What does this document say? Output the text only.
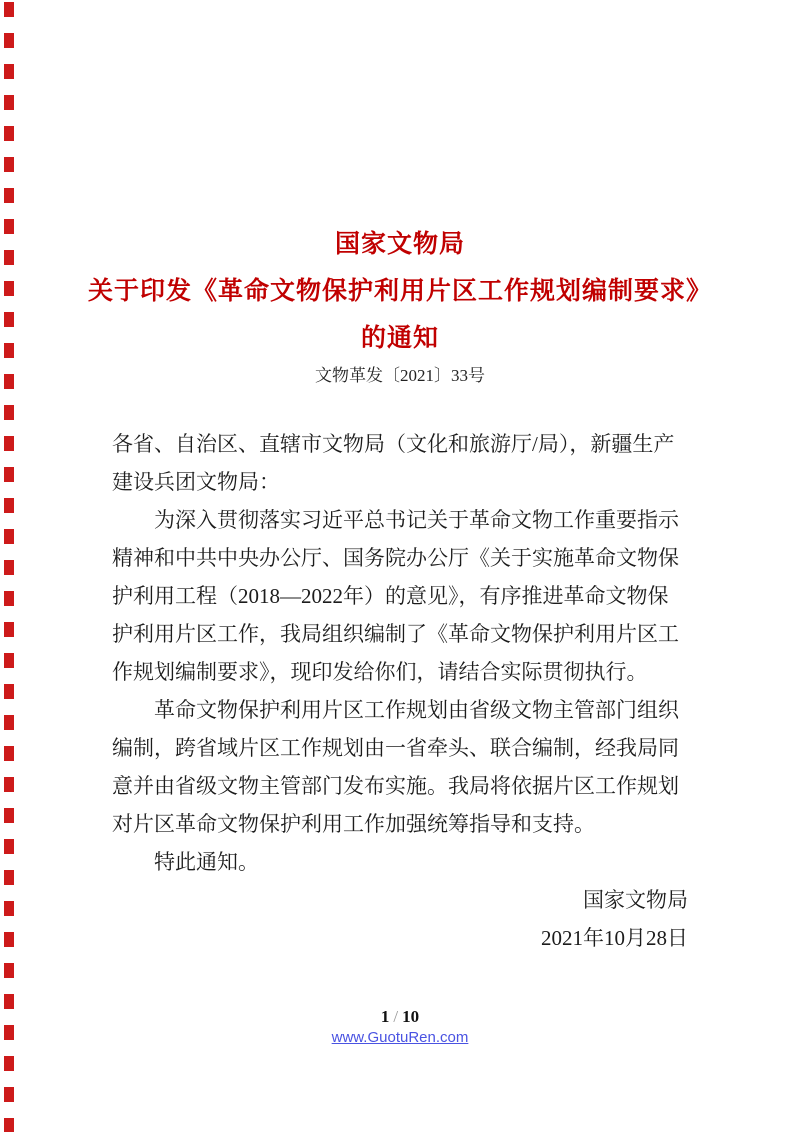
国家文物局
关于印发《革命文物保护利用片区工作规划编制要求》
的通知
文物革发〔2021〕33号

各省、自治区、直辖市文物局（文化和旅游厅/局），新疆生产建设兵团文物局：

为深入贯彻落实习近平总书记关于革命文物工作重要指示精神和中共中央办公厅、国务院办公厅《关于实施革命文物保护利用工程（2018—2022年）的意见》，有序推进革命文物保护利用片区工作，我局组织编制了《革命文物保护利用片区工作规划编制要求》，现印发给你们，请结合实际贯彻执行。

革命文物保护利用片区工作规划由省级文物主管部门组织编制，跨省域片区工作规划由一省牵头、联合编制，经我局同意并由省级文物主管部门发布实施。我局将依据片区工作规划对片区革命文物保护利用工作加强统筹指导和支持。

特此通知。

国家文物局

2021年10月28日

1 / 10
www.GuotuRen.com
